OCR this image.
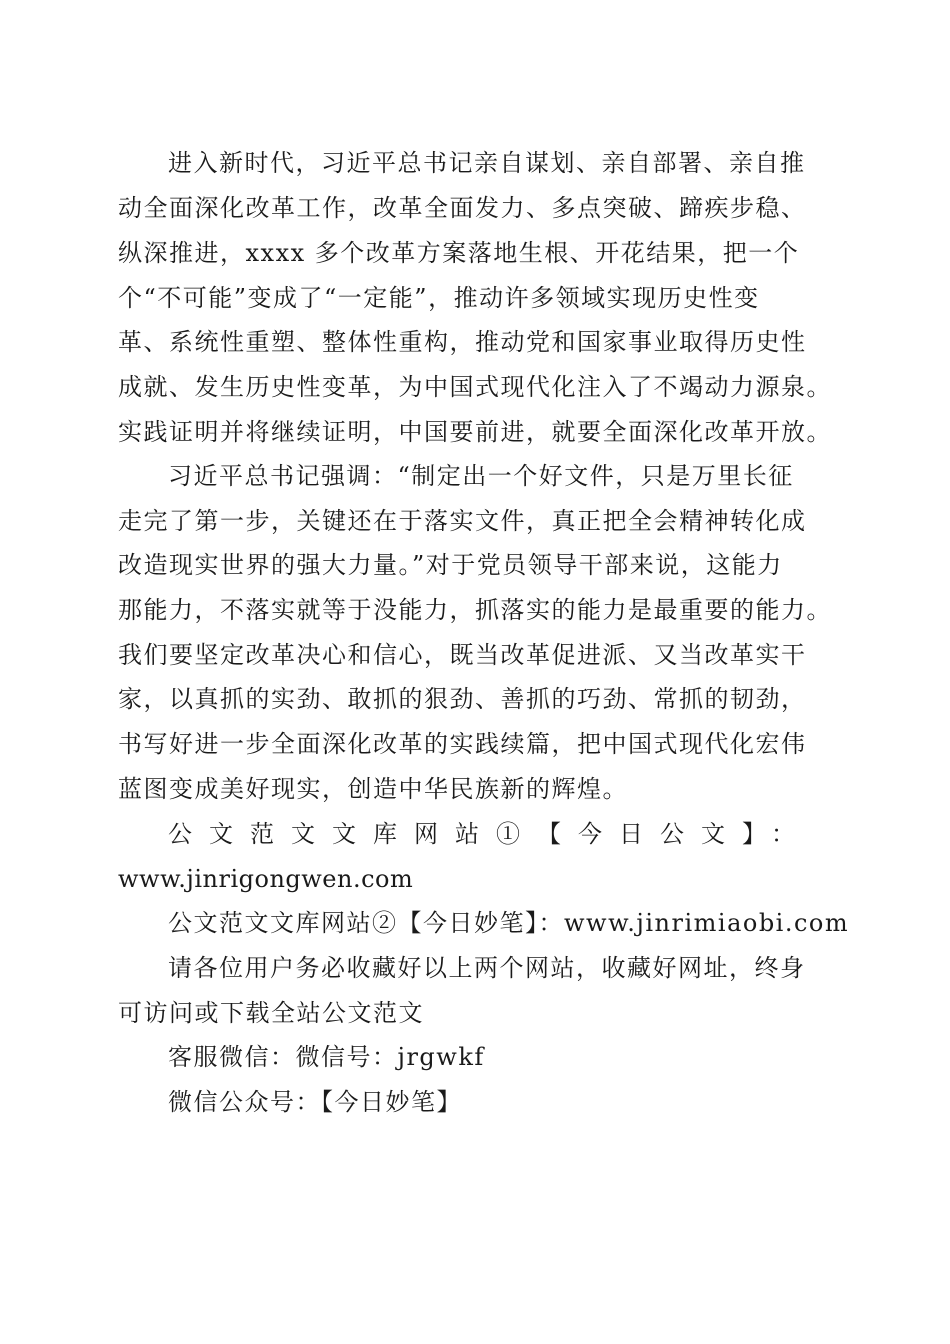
进入新时代，习近平总书记亲自谋划、亲自部署、亲自推
动全面深化改革工作，改革全面发力、多点突破、蹄疾步稳、
纵深推进，xxxx 多个改革方案落地生根、开花结果，把一个
个“不可能”变成了“一定能”，推动许多领域实现历史性变
革、系统性重塑、整体性重构，推动党和国家事业取得历史性
成就、发生历史性变革，为中国式现代化注入了不竭动力源泉。
实践证明并将继续证明，中国要前进，就要全面深化改革开放。
习近平总书记强调：“制定出一个好文件，只是万里长征
走完了第一步，关键还在于落实文件，真正把全会精神转化成
改造现实世界的强大力量。”对于党员领导干部来说，这能力
那能力，不落实就等于没能力，抓落实的能力是最重要的能力。
我们要坚定改革决心和信心，既当改革促进派、又当改革实干
家，以真抓的实劲、敢抓的狠劲、善抓的巧劲、常抓的韧劲，
书写好进一步全面深化改革的实践续篇，把中国式现代化宏伟
蓝图变成美好现实，创造中华民族新的辉煌。
公文范文文库网站①【今日公文】：
www.jinrigongwen.com
公文范文文库网站②【今日妙笔】：www.jinrimiaobi.com
请各位用户务必收藏好以上两个网站，收藏好网址，终身
可访问或下载全站公文范文
客服微信：微信号：jrgwkf
微信公众号：【今日妙笔】
